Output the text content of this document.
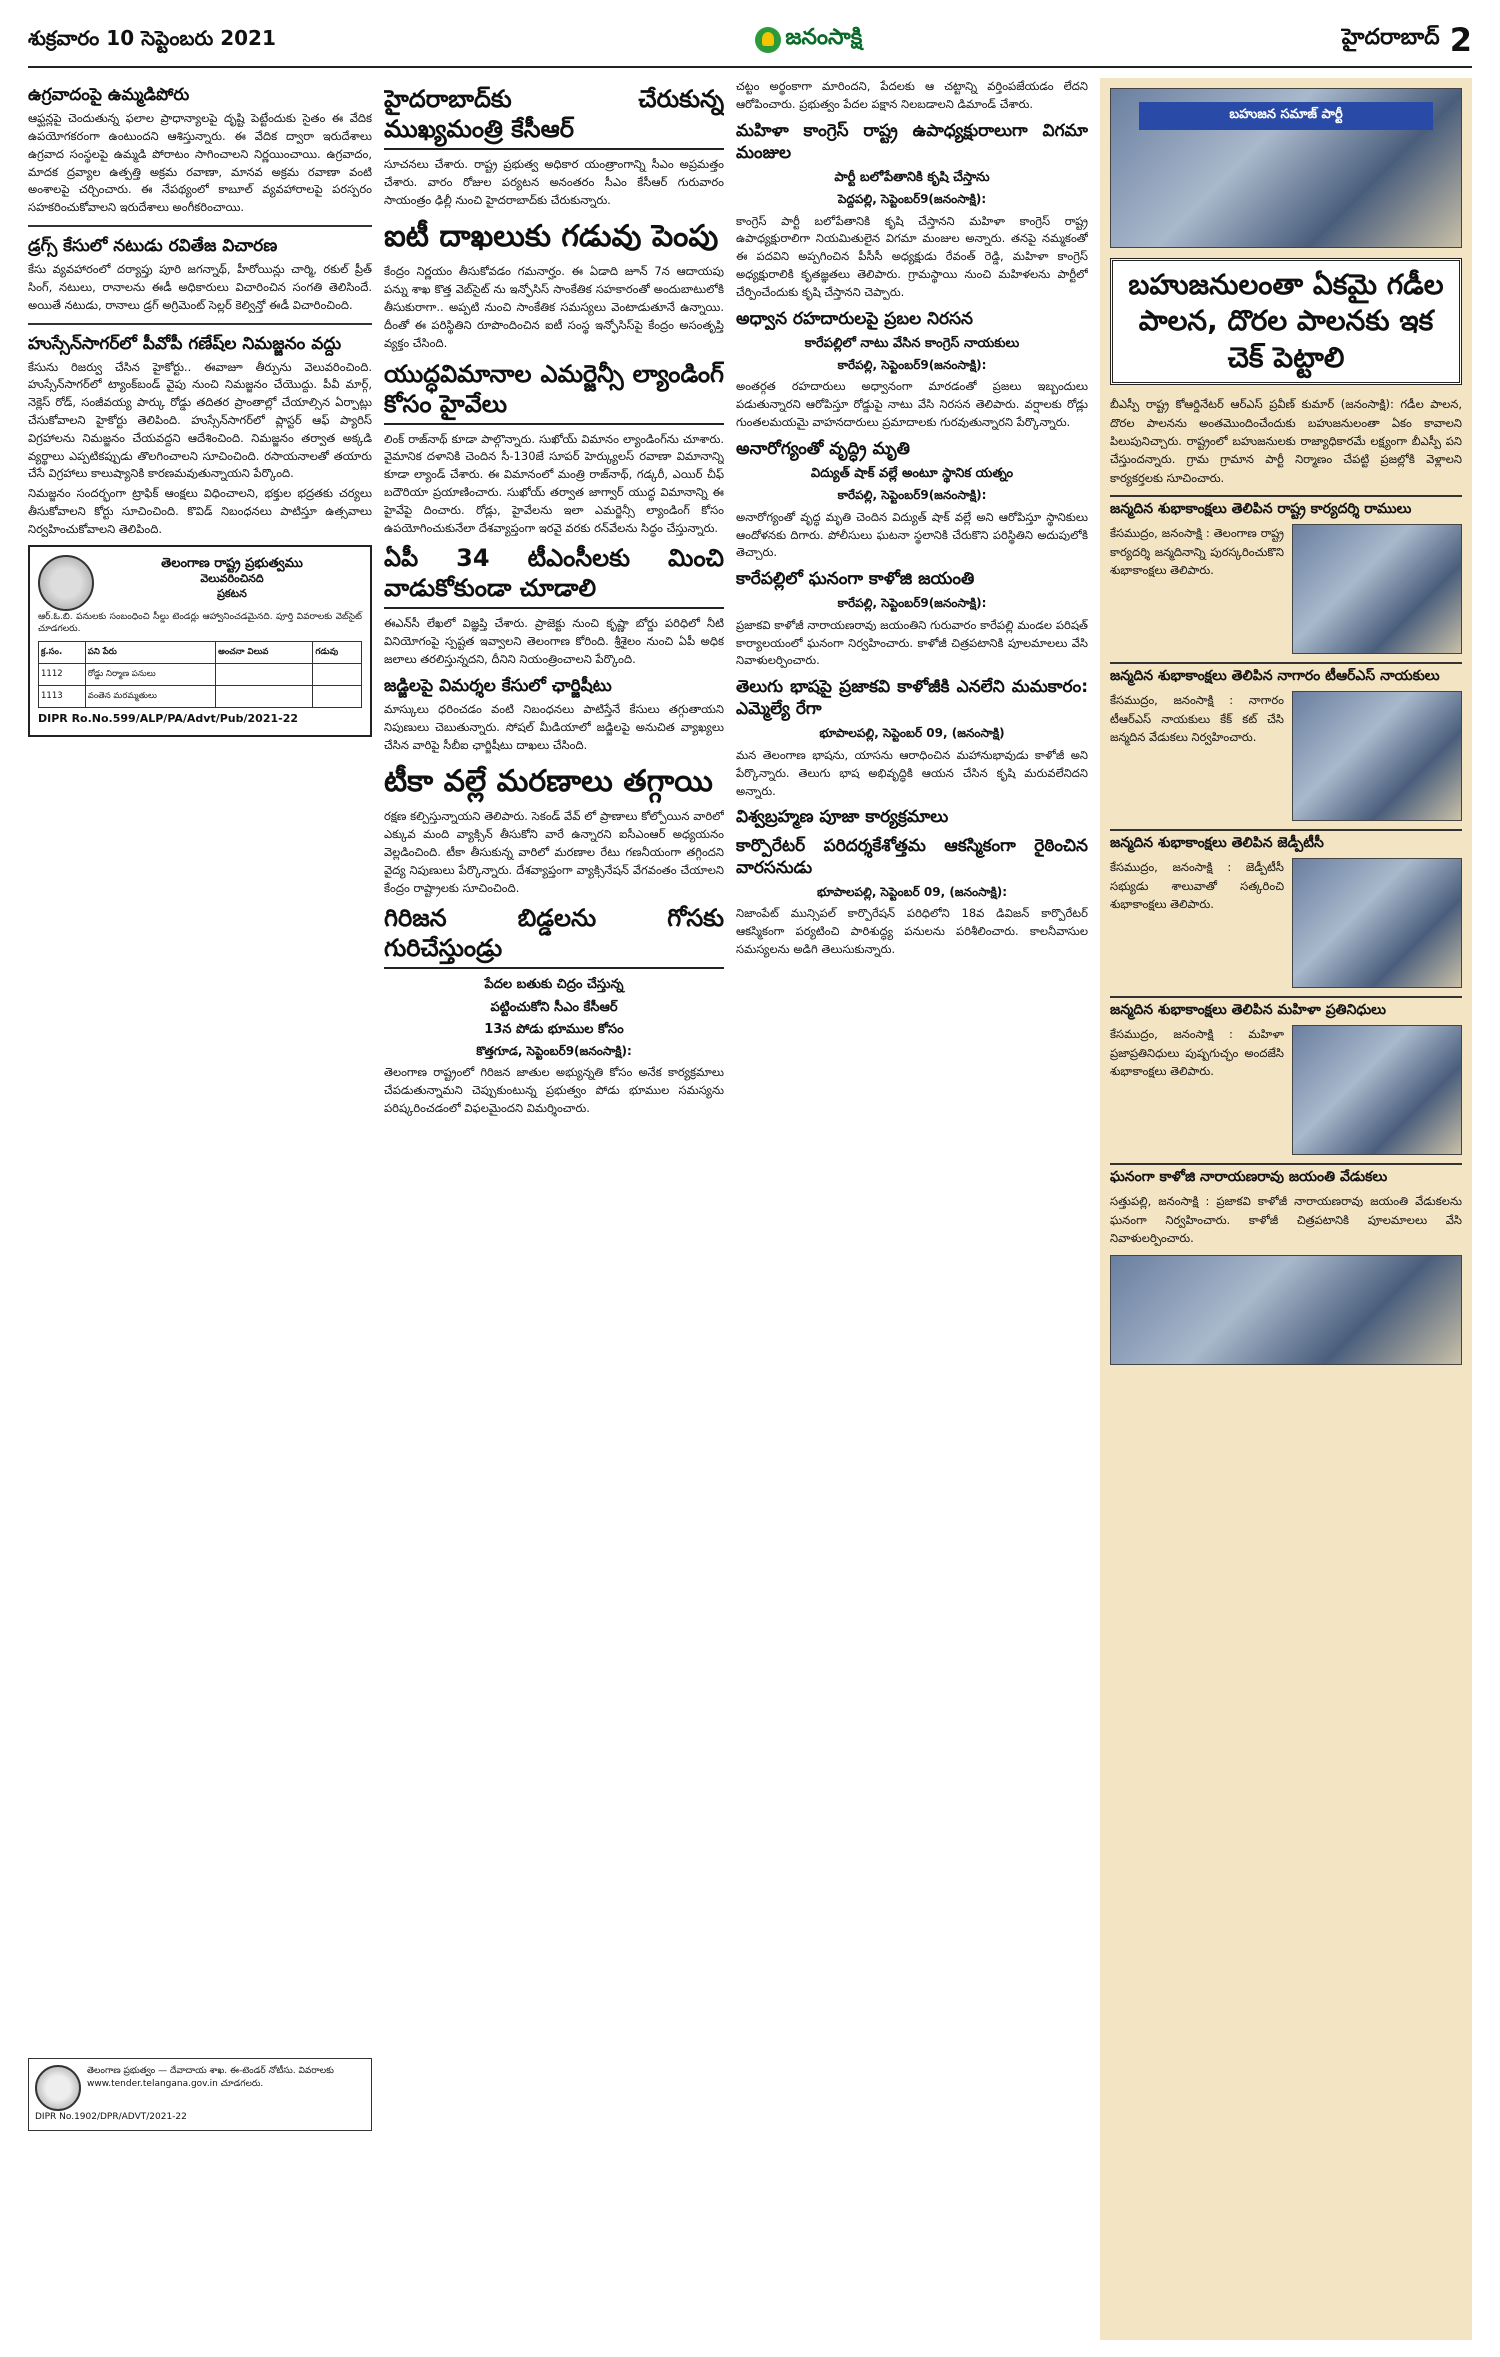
శుక్రవారం 10 సెప్టెంబరు 2021	జనంసాక్షి	హైదరాబాద్ 2
ఉగ్రవాదంపై ఉమ్మడిపోరు

ఆఫ్ఘన్లపై చెందుతున్న ఫలాల ప్రాధాన్యాలపై దృష్టి పెట్టేందుకు సైతం ఈ వేదిక ఉపయోగకరంగా ఉంటుందని ఆశిస్తున్నారు. ఈ వేదిక ద్వారా ఇరుదేశాలు ఉగ్రవాద సంస్థలపై ఉమ్మడి పోరాటం సాగించాలని నిర్ణయించాయి. ఉగ్రవాదం, మాదక ద్రవ్యాల ఉత్పత్తి అక్రమ రవాణా, మానవ అక్రమ రవాణా వంటి అంశాలపై చర్చించారు. ఈ నేపథ్యంలో కాబూల్ వ్యవహారాలపై పరస్పరం సహకరించుకోవాలని ఇరుదేశాలు అంగీకరించాయి.

డ్రగ్స్ కేసులో నటుడు రవితేజ విచారణ

కేసు వ్యవహారంలో దర్యాప్తు పూరి జగన్నాథ్, హీరోయిన్లు చార్మి, రకుల్ ప్రీత్ సింగ్, నటులు, రానాలను ఈడీ అధికారులు విచారించిన సంగతి తెలిసిందే. అయితే నటుడు, రానాలు డ్రగ్ అగ్రిమెంట్ సెల్లర్ కెల్విన్తో ఈడీ విచారించింది.

హుస్సేన్‌సాగర్‌లో పీవోపీ గణేష్‌ల నిమజ్జనం వద్దు

కేసును రిజర్వు చేసిన హైకోర్టు.. ఈవాజూ తీర్పును వెలువరించింది. హుస్సేన్‌సాగర్‌లో ట్యాంక్‌బండ్ వైపు నుంచి నిమజ్జనం చేయొద్దు. పీవీ మార్గ్, నెక్లెస్ రోడ్, సంజీవయ్య పార్కు రోడ్డు తదితర ప్రాంతాల్లో చేయాల్సిన ఏర్పాట్లు చేసుకోవాలని హైకోర్టు తెలిపింది. హుస్సేన్‌సాగర్‌లో ప్లాస్టర్ ఆఫ్ ప్యారిస్ విగ్రహాలను నిమజ్జనం చేయవద్దని ఆదేశించింది. నిమజ్జనం తర్వాత అక్కడి వ్యర్థాలు ఎప్పటికప్పుడు తొలగించాలని సూచించింది. రసాయనాలతో తయారు చేసే విగ్రహాలు కాలుష్యానికి కారణమవుతున్నాయని పేర్కొంది.

నిమజ్జనం సందర్భంగా ట్రాఫిక్ ఆంక్షలు విధించాలని, భక్తుల భద్రతకు చర్యలు తీసుకోవాలని కోర్టు సూచించింది. కొవిడ్ నిబంధనలు పాటిస్తూ ఉత్సవాలు నిర్వహించుకోవాలని తెలిపింది.

తెలంగాణ రాష్ట్ర ప్రభుత్వము
వెలువరించినది
ప్రకటన

ఆర్.ఓ.బి. పనులకు సంబంధించి సీల్డు టెండర్లు ఆహ్వానించడమైనది. పూర్తి వివరాలకు వెబ్‌సైట్ చూడగలరు.

క్ర.సం.	పని పేరు	అంచనా విలువ	గడువు
1112	రోడ్డు నిర్మాణ పనులు		
1113	వంతెన మరమ్మతులు		
DIPR Ro.No.599/ALP/PA/Advt/Pub/2021-22

తెలంగాణ ప్రభుత్వం — దేవాదాయ శాఖ. ఈ-టెండర్ నోటీసు. వివరాలకు www.tender.telangana.gov.in చూడగలరు.

DIPR No.1902/DPR/ADVT/2021-22

హైదరాబాద్‌కు చేరుకున్న ముఖ్యమంత్రి కేసీఆర్

సూచనలు చేశారు. రాష్ట్ర ప్రభుత్వ అధికార యంత్రాంగాన్ని సీఎం అప్రమత్తం చేశారు. వారం రోజుల పర్యటన అనంతరం సీఎం కేసీఆర్ గురువారం సాయంత్రం ఢిల్లీ నుంచి హైదరాబాద్‌కు చేరుకున్నారు.

ఐటీ దాఖలుకు గడువు పెంపు

కేంద్రం నిర్ణయం తీసుకోవడం గమనార్హం. ఈ ఏడాది జూన్ 7న ఆదాయపు పన్ను శాఖ కొత్త వెబ్‌సైట్ ను ఇన్ఫోసిస్ సాంకేతిక సహకారంతో అందుబాటులోకి తీసుకురాగా.. అప్పటి నుంచి సాంకేతిక సమస్యలు వెంటాడుతూనే ఉన్నాయి. దీంతో ఈ పరిస్థితిని రూపొందించిన ఐటీ సంస్థ ఇన్ఫోసిస్‌పై కేంద్రం అసంతృప్తి వ్యక్తం చేసింది.

యుద్ధవిమానాల ఎమర్జెన్సీ ల్యాండింగ్ కోసం హైవేలు

లింక్ రాజ్‌నాథ్ కూడా పాల్గొన్నారు. సుఖోయ్ విమానం ల్యాండింగ్‌ను చూశారు. వైమానిక దళానికి చెందిన సీ-130జే సూపర్ హెర్క్యులస్ రవాణా విమానాన్ని కూడా ల్యాండ్ చేశారు. ఈ విమానంలో మంత్రి రాజ్‌నాథ్, గడ్కరీ, ఎయిర్ చీఫ్ బదౌరియా ప్రయాణించారు. సుఖోయ్ తర్వాత జాగ్వార్ యుద్ధ విమానాన్ని ఈ హైవేపై దించారు. రోడ్లు, హైవేలను ఇలా ఎమర్జెన్సీ ల్యాండింగ్ కోసం ఉపయోగించుకునేలా దేశవ్యాప్తంగా ఇరవై వరకు రన్‌వేలను సిద్ధం చేస్తున్నారు.

ఏపీ 34 టీఎంసీలకు మించి వాడుకోకుండా చూడాలి

ఈఎన్‌సీ లేఖలో విజ్ఞప్తి చేశారు. ప్రాజెక్టు నుంచి కృష్ణా బోర్డు పరిధిలో నీటి వినియోగంపై స్పష్టత ఇవ్వాలని తెలంగాణ కోరింది. శ్రీశైలం నుంచి ఏపీ అధిక జలాలు తరలిస్తున్నదని, దీనిని నియంత్రించాలని పేర్కొంది.

జడ్జిలపై విమర్శల కేసులో ఛార్జిషీటు

మాస్కులు ధరించడం వంటి నిబంధనలు పాటిస్తేనే కేసులు తగ్గుతాయని నిపుణులు చెబుతున్నారు. సోషల్ మీడియాలో జడ్జిలపై అనుచిత వ్యాఖ్యలు చేసిన వారిపై సీబీఐ ఛార్జిషీటు దాఖలు చేసింది.

టీకా వల్లే మరణాలు తగ్గాయి

రక్షణ కల్పిస్తున్నాయని తెలిపారు. సెకండ్ వేవ్ లో ప్రాణాలు కోల్పోయిన వారిలో ఎక్కువ మంది వ్యాక్సిన్ తీసుకోని వారే ఉన్నారని ఐసీఎంఆర్ అధ్యయనం వెల్లడించింది. టీకా తీసుకున్న వారిలో మరణాల రేటు గణనీయంగా తగ్గిందని వైద్య నిపుణులు పేర్కొన్నారు. దేశవ్యాప్తంగా వ్యాక్సినేషన్ వేగవంతం చేయాలని కేంద్రం రాష్ట్రాలకు సూచించింది.

గిరిజన బిడ్డలను గోసకు గురిచేస్తుండ్రు
పేదల బతుకు చిద్రం చేస్తున్న
పట్టించుకోని సీఎం కేసీఆర్
13న పోడు భూముల కోసం
కొత్తగూడ, సెప్టెంబర్9(జనంసాక్షి):

తెలంగాణ రాష్ట్రంలో గిరిజన జాతుల అభ్యున్నతి కోసం అనేక కార్యక్రమాలు చేపడుతున్నామని చెప్పుకుంటున్న ప్రభుత్వం పోడు భూముల సమస్యను పరిష్కరించడంలో విఫలమైందని విమర్శించారు.

చట్టం అర్థంకాగా మారిందని, పేదలకు ఆ చట్టాన్ని వర్తింపజేయడం లేదని ఆరోపించారు. ప్రభుత్వం పేదల పక్షాన నిలబడాలని డిమాండ్ చేశారు.

మహిళా కాంగ్రెస్ రాష్ట్ర ఉపాధ్యక్షురాలుగా విగమా మంజుల
పార్టీ బలోపేతానికి కృషి చేస్తాను
పెద్దపల్లి, సెప్టెంబర్9(జనంసాక్షి):

కాంగ్రెస్ పార్టీ బలోపేతానికి కృషి చేస్తానని మహిళా కాంగ్రెస్ రాష్ట్ర ఉపాధ్యక్షురాలిగా నియమితులైన విగమా మంజుల అన్నారు. తనపై నమ్మకంతో ఈ పదవిని అప్పగించిన పీసీసీ అధ్యక్షుడు రేవంత్ రెడ్డి, మహిళా కాంగ్రెస్ అధ్యక్షురాలికి కృతజ్ఞతలు తెలిపారు. గ్రామస్థాయి నుంచి మహిళలను పార్టీలో చేర్పించేందుకు కృషి చేస్తానని చెప్పారు.

అధ్వాన రహదారులపై ప్రబల నిరసన
కారేపల్లిలో నాటు వేసిన కాంగ్రెస్ నాయకులు
కారేపల్లి, సెప్టెంబర్9(జనంసాక్షి):

అంతర్గత రహదారులు అధ్వానంగా మారడంతో ప్రజలు ఇబ్బందులు పడుతున్నారని ఆరోపిస్తూ రోడ్డుపై నాటు వేసి నిరసన తెలిపారు. వర్షాలకు రోడ్లు గుంతలమయమై వాహనదారులు ప్రమాదాలకు గురవుతున్నారని పేర్కొన్నారు.

అనారోగ్యంతో వృద్ధ్రి మృతి
విద్యుత్ షాక్ వల్లే అంటూ స్థానిక యత్నం
కారేపల్లి, సెప్టెంబర్9(జనంసాక్షి):

అనారోగ్యంతో వృద్ధ మృతి చెందిన విద్యుత్ షాక్ వల్లే అని ఆరోపిస్తూ స్థానికులు ఆందోళనకు దిగారు. పోలీసులు ఘటనా స్థలానికి చేరుకొని పరిస్థితిని అదుపులోకి తెచ్చారు.

కారేపల్లిలో ఘనంగా కాళోజి జయంతి
కారేపల్లి, సెప్టెంబర్9(జనంసాక్షి):

ప్రజాకవి కాళోజీ నారాయణరావు జయంతిని గురువారం కారేపల్లి మండల పరిషత్ కార్యాలయంలో ఘనంగా నిర్వహించారు. కాళోజీ చిత్రపటానికి పూలమాలలు వేసి నివాళులర్పించారు.

తెలుగు భాషపై ప్రజాకవి కాళోజీకి ఎనలేని మమకారం: ఎమ్మెల్యే రేగా
భూపాలపల్లి, సెప్టెంబర్ 09, (జనంసాక్షి)

మన తెలంగాణ భాషను, యాసను ఆరాధించిన మహానుభావుడు కాళోజీ అని పేర్కొన్నారు. తెలుగు భాష అభివృద్ధికి ఆయన చేసిన కృషి మరువలేనిదని అన్నారు.

విశ్వబ్రహ్మణ పూజా కార్యక్రమాలు
కార్పొరేటర్ పరిదర్శకేశోత్తమ ఆకస్మికంగా రైఠించిన వారసనుడు
భూపాలపల్లి, సెప్టెంబర్ 09, (జనంసాక్షి):

నిజాంపేట్ మున్సిపల్ కార్పొరేషన్ పరిధిలోని 18వ డివిజన్ కార్పొరేటర్ ఆకస్మికంగా పర్యటించి పారిశుద్ధ్య పనులను పరిశీలించారు. కాలనీవాసుల సమస్యలను అడిగి తెలుసుకున్నారు.

బహుజన సమాజ్ పార్టీ
బహుజనులంతా ఏకమై గడీల పాలన, దొరల పాలనకు ఇక చెక్ పెట్టాలి

బీఎస్పీ రాష్ట్ర కోఆర్డినేటర్ ఆర్ఎస్ ప్రవీణ్ కుమార్ (జనంసాక్షి): గడీల పాలన, దొరల పాలనను అంతమొందించేందుకు బహుజనులంతా ఏకం కావాలని పిలుపునిచ్చారు. రాష్ట్రంలో బహుజనులకు రాజ్యాధికారమే లక్ష్యంగా బీఎస్పీ పని చేస్తుందన్నారు. గ్రామ గ్రామాన పార్టీ నిర్మాణం చేపట్టి ప్రజల్లోకి వెళ్లాలని కార్యకర్తలకు సూచించారు.

జన్మదిన శుభాకాంక్షలు తెలిపిన రాష్ట్ర కార్యదర్శి రాములు

కేసముద్రం, జనంసాక్షి : తెలంగాణ రాష్ట్ర కార్యదర్శి జన్మదినాన్ని పురస్కరించుకొని శుభాకాంక్షలు తెలిపారు.

జన్మదిన శుభాకాంక్షలు తెలిపిన నాగారం టీఆర్ఎస్ నాయకులు

కేసముద్రం, జనంసాక్షి : నాగారం టీఆర్ఎస్ నాయకులు కేక్ కట్ చేసి జన్మదిన వేడుకలు నిర్వహించారు.

జన్మదిన శుభాకాంక్షలు తెలిపిన జెడ్పీటీసీ

కేసముద్రం, జనంసాక్షి : జెడ్పీటీసీ సభ్యుడు శాలువాతో సత్కరించి శుభాకాంక్షలు తెలిపారు.

జన్మదిన శుభాకాంక్షలు తెలిపిన మహిళా ప్రతినిధులు

కేసముద్రం, జనంసాక్షి : మహిళా ప్రజాప్రతినిధులు పుష్పగుచ్ఛం అందజేసి శుభాకాంక్షలు తెలిపారు.

ఘనంగా కాళోజి నారాయణరావు జయంతి వేడుకలు

సత్తుపల్లి, జనంసాక్షి : ప్రజాకవి కాళోజీ నారాయణరావు జయంతి వేడుకలను ఘనంగా నిర్వహించారు. కాళోజీ చిత్రపటానికి పూలమాలలు వేసి నివాళులర్పించారు.
